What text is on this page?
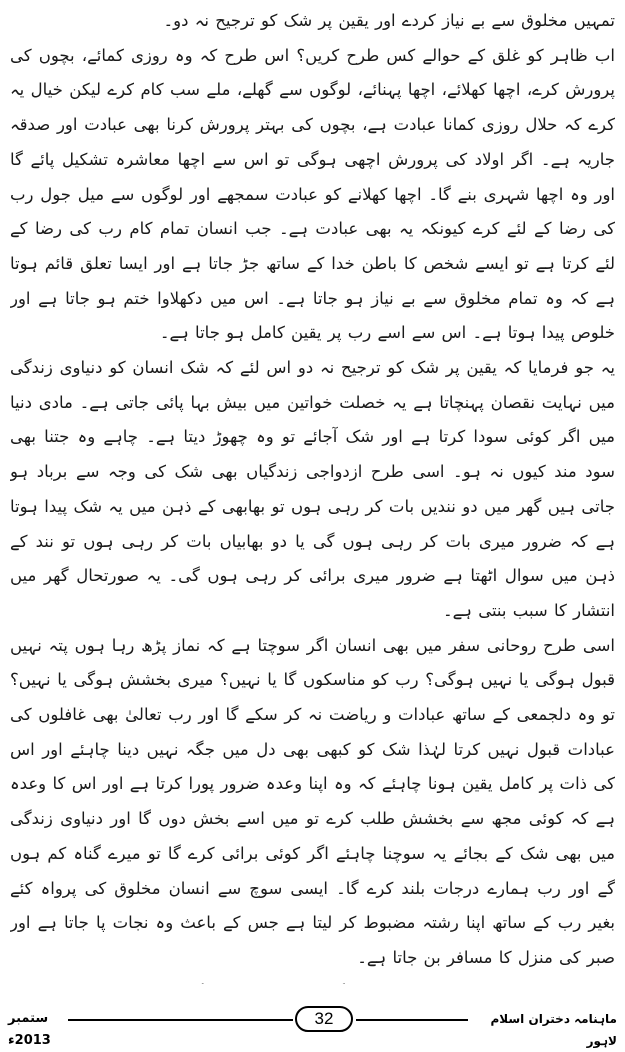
تمہیں مخلوق سے بے نیاز کردے اور یقین پر شک کو ترجیح نہ دو۔

اب ظاہر کو غلق کے حوالے کس طرح کریں؟ اس طرح کہ وہ روزی کمائے، بچوں کی پرورش کرے، اچھا کھلائے، اچھا پہنائے، لوگوں سے گھلے، ملے سب کام کرے لیکن خیال یہ کرے کہ حلال روزی کمانا عبادت ہے، بچوں کی بہتر پرورش کرنا بھی عبادت اور صدقہ جاریہ ہے۔ اگر اولاد کی پرورش اچھی ہوگی تو اس سے اچھا معاشرہ تشکیل پائے گا اور وہ اچھا شہری بنے گا۔ اچھا کھلانے کو عبادت سمجھے اور لوگوں سے میل جول رب کی رضا کے لئے کرے کیونکہ یہ بھی عبادت ہے۔ جب انسان تمام کام رب کی رضا کے لئے کرتا ہے تو ایسے شخص کا باطن خدا کے ساتھ جڑ جاتا ہے اور ایسا تعلق قائم ہوتا ہے کہ وہ تمام مخلوق سے بے نیاز ہو جاتا ہے۔ اس میں دکھلاوا ختم ہو جاتا ہے اور خلوص پیدا ہوتا ہے۔ اس سے اسے رب پر یقین کامل ہو جاتا ہے۔

یہ جو فرمایا کہ یقین پر شک کو ترجیح نہ دو اس لئے کہ شک انسان کو دنیاوی زندگی میں نہایت نقصان پہنچاتا ہے یہ خصلت خواتین میں بیش بہا پائی جاتی ہے۔ مادی دنیا میں اگر کوئی سودا کرتا ہے اور شک آجائے تو وہ چھوڑ دیتا ہے۔ چاہے وہ جتنا بھی سود مند کیوں نہ ہو۔ اسی طرح ازدواجی زندگیاں بھی شک کی وجہ سے برباد ہو جاتی ہیں گھر میں دو نندیں بات کر رہی ہوں تو بھابھی کے ذہن میں یہ شک پیدا ہوتا ہے کہ ضرور میری بات کر رہی ہوں گی یا دو بھابیاں بات کر رہی ہوں تو نند کے ذہن میں سوال اٹھتا ہے ضرور میری برائی کر رہی ہوں گی۔ یہ صورتحال گھر میں انتشار کا سبب بنتی ہے۔

اسی طرح روحانی سفر میں بھی انسان اگر سوچتا ہے کہ نماز پڑھ رہا ہوں پتہ نہیں قبول ہوگی یا نہیں ہوگی؟ رب کو مناسکوں گا یا نہیں؟ میری بخشش ہوگی یا نہیں؟ تو وہ دلجمعی کے ساتھ عبادات و ریاضت نہ کر سکے گا اور رب تعالیٰ بھی غافلوں کی عبادات قبول نہیں کرتا لہٰذا شک کو کبھی بھی دل میں جگہ نہیں دینا چاہئے اور اس کی ذات پر کامل یقین ہونا چاہئے کہ وہ اپنا وعدہ ضرور پورا کرتا ہے اور اس کا وعدہ ہے کہ کوئی مجھ سے بخشش طلب کرے تو میں اسے بخش دوں گا اور دنیاوی زندگی میں بھی شک کے بجائے یہ سوچنا چاہئے اگر کوئی برائی کرے گا تو میرے گناہ کم ہوں گے اور رب ہمارے درجات بلند کرے گا۔ ایسی سوچ سے انسان مخلوق کی پرواہ کئے بغیر رب کے ساتھ اپنا رشتہ مضبوط کر لیتا ہے جس کے باعث وہ نجات پا جاتا ہے اور صبر کی منزل کا مسافر بن جاتا ہے۔

ستمبر 2013ء
32	ماہنامہ دختران اسلام لاہور
